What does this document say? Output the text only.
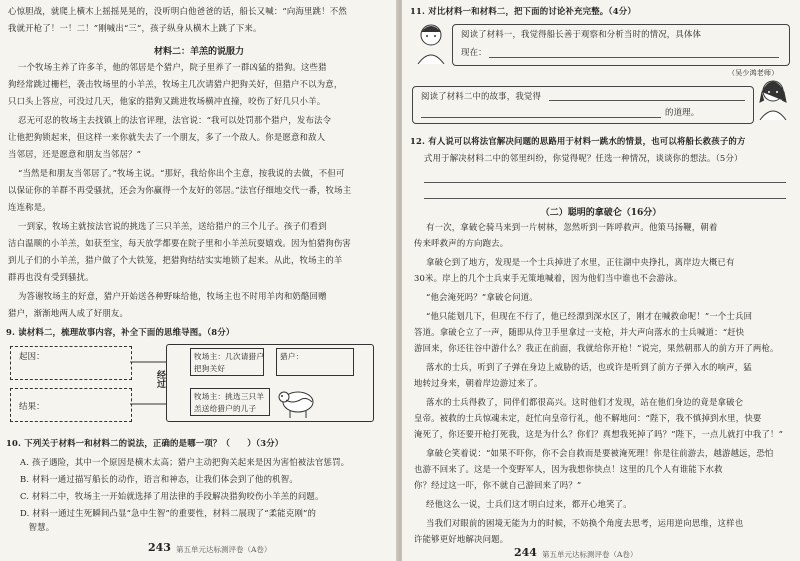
心惊胆战，就爬上横木上摇摇晃晃的，没听明白他爸爸的话，船长又喊：“向海里跳！不然
我就开枪了！一！二！”刚喊出“三”，孩子纵身从横木上跳了下来。
材料二：羊羔的说服力
一个牧场主养了许多羊，他的邻居是个猎户，院子里养了一群凶猛的猎狗。这些猎
狗经常跳过栅栏，袭击牧场里的小羊羔，牧场主几次请猎户把狗关好，但猎户不以为意，
只口头上答应，可没过几天，他家的猎狗又跳进牧场横冲直撞，咬伤了好几只小羊。
忍无可忍的牧场主去找镇上的法官评理，法官说：“我可以处罚那个猎户，发布法令
让他把狗锁起来，但这样一来你就失去了一个朋友，多了一个敌人。你是愿意和敌人
当邻居，还是愿意和朋友当邻居？”
“当然是和朋友当邻居了。”牧场主说。“那好，我给你出个主意，按我说的去做，不但可
以保证你的羊群不再受骚扰，还会为你赢得一个友好的邻居。”法官仔细地交代一番，牧场主
连连称是。
一到家，牧场主就按法官说的挑选了三只羊羔，送给猎户的三个儿子。孩子们看到
洁白温顺的小羊羔，如获至宝，每天放学都要在院子里和小羊羔玩耍嬉戏。因为怕猎狗伤害
到儿子们的小羊羔，猎户做了个大铁笼，把猎狗结结实实地锁了起来。从此，牧场主的羊
群再也没有受到骚扰。
为答谢牧场主的好意，猎户开始送各种野味给他，牧场主也不时用羊肉和奶酪回赠
猎户，渐渐地两人成了好朋友。
9. 读材料二，梳理故事内容，补全下面的思维导图。（8分）
起因：
结果：
经过
牧场主：几次请猎户
把狗关好
猎户：
牧场主：挑选三只羊
羔送给猎户的儿子
10. 下列关于材料一和材料二的说法，正确的是哪一项？（　　）（3分）
A. 孩子遇险，其中一个原因是横木太高；猎户主动把狗关起来是因为害怕被法官惩罚。
B. 材料一通过描写船长的动作，语言和神态，让我们体会到了他的机智。
C. 材料二中，牧场主一开始就选择了用法律的手段解决猎狗咬伤小羊羔的问题。
D. 材料一通过生死瞬间凸显“急中生智”的重要性，材料二展现了“柔能克刚”的
　智慧。
243 第五单元达标测评卷（A卷）
11. 对比材料一和材料二，把下面的讨论补充完整。（4分）
阅读了材料一，我觉得船长善于观察和分析当时的情况，具体体
现在：
（吴少鸿老师）
阅读了材料二中的故事，我觉得
的道理。
12. 有人说可以将法官解决问题的思路用于材料一跳水的情景，也可以将船长救孩子的方
式用于解决材料二中的邻里纠纷，你觉得呢？任选一种情况，谈谈你的想法。（5分）
（二）聪明的拿破仑（16分）
有一次，拿破仑骑马来到一片树林，忽然听到一阵呼救声。他策马扬鞭，朝着
传来呼救声的方向跑去。
拿破仑到了地方，发现是一个士兵掉进了水里，正往湖中央挣扎，离岸边大概已有
30米。岸上的几个士兵束手无策地喊着，因为他们当中谁也不会游泳。
“他会淹死吗？”拿破仑问道。
“他只能划几下，但现在不行了，他已经漂到深水区了，刚才在喊救命呢！”一个士兵回
答道。拿破仑立了一声，随即从侍卫手里拿过一支枪，并大声向落水的士兵喊道：“赶快
游回来，你还往谷中游什么？我正在前面，我就给你开枪！”说完，果然朝那人的前方开了两枪。
落水的士兵，听到了子弹在身边上威胁的话，也或许是听到了前方子弹入水的响声，猛
地转过身来，朝着岸边游过来了。
落水的士兵得救了，同伴们都很高兴。这时他们才发现，站在他们身边的竟是拿破仑
皇帝。被救的士兵惊魂未定，赶忙向皇帝行礼，他不解地问：“陛下，我不慎掉到水里，快要
淹死了，你还要开枪打死我，这是为什么？你们？真想我死掉了吗？”陛下，一点儿就打中我了！”
拿破仑笑着说：“如果不吓你，你不会自救而是要被淹死理！你是往前游去，越游越远，恐怕
也游不回来了。这是一个变野军人，因为我想你快点！这里的几个人有谁能下水救
你？经过这一吓，你不就自己游回来了吗？”
经他这么一说，士兵们这才明白过来，都开心地笑了。
当我们对眼前的困境无能为力的时候，不妨换个角度去思考，运用逆向思维，这样也
许能够更好地解决问题。
244 第五单元达标测评卷（A卷）
